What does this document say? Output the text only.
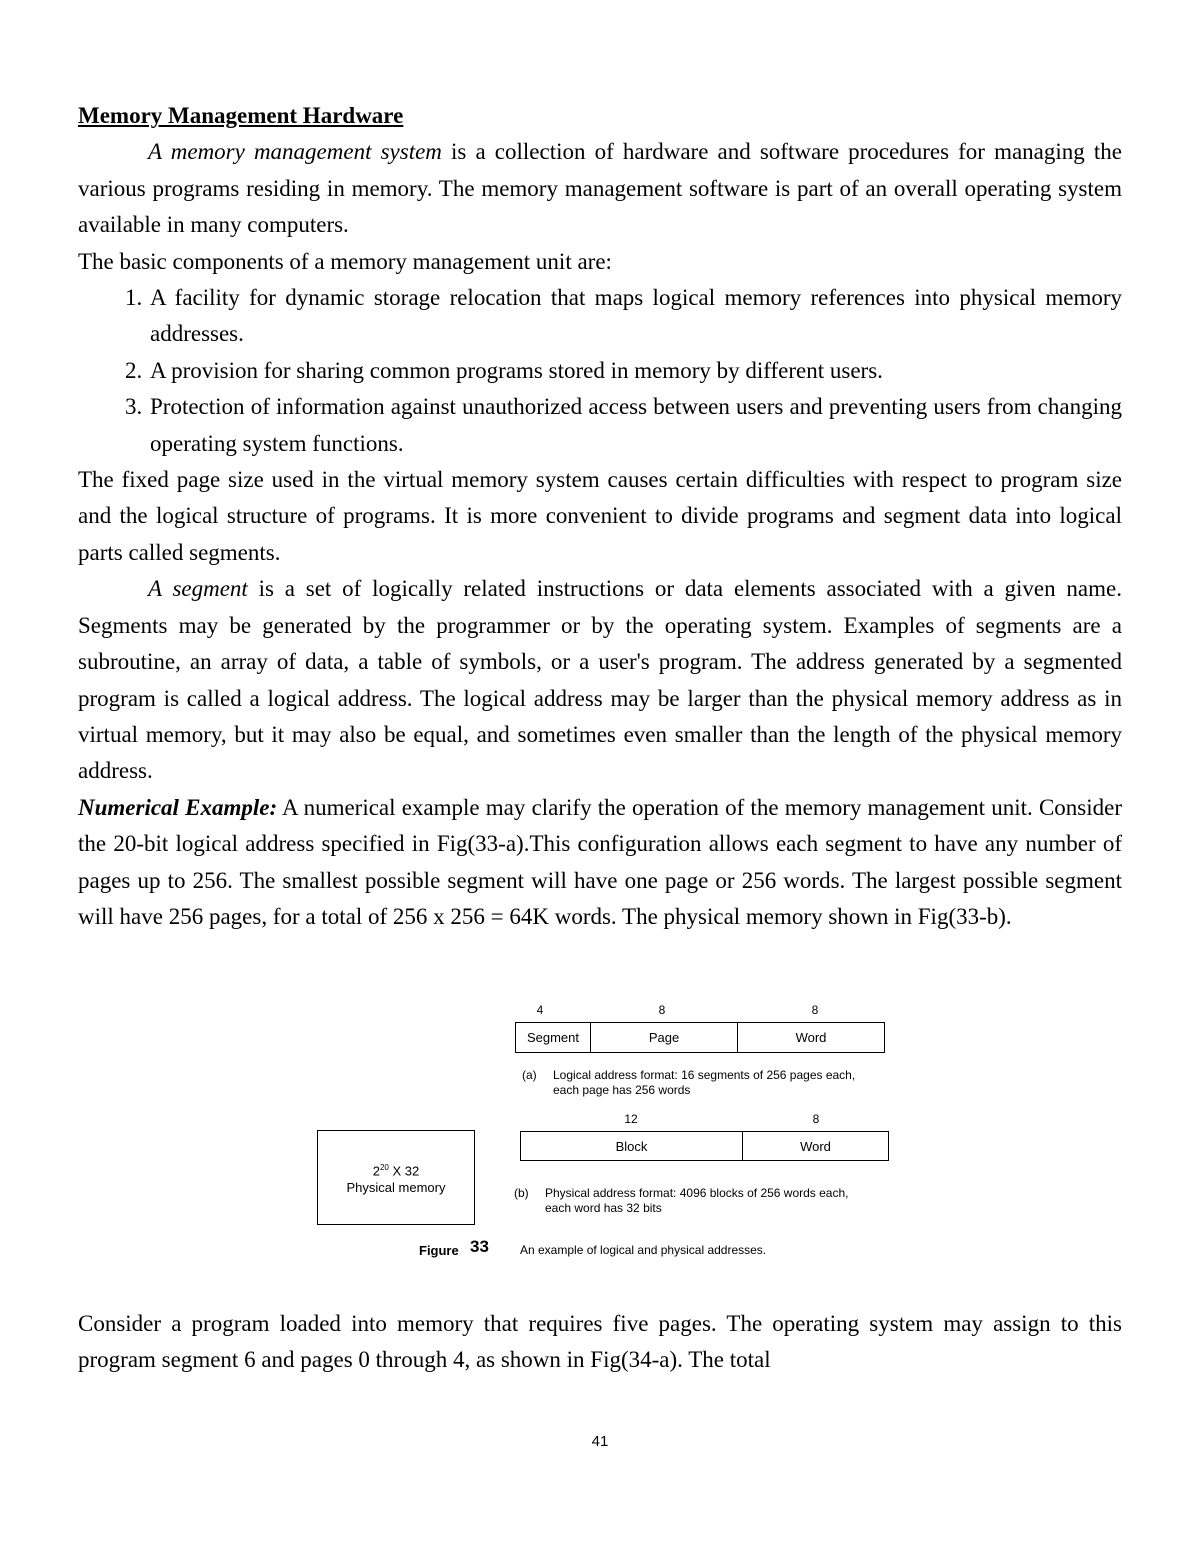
Memory Management Hardware

A memory management system is a collection of hardware and software procedures for managing the various programs residing in memory. The memory management software is part of an overall operating system available in many computers.

The basic components of a memory management unit are:

1. A facility for dynamic storage relocation that maps logical memory references into physical memory addresses.
2. A provision for sharing common programs stored in memory by different users.
3. Protection of information against unauthorized access between users and preventing users from changing operating system functions.

The fixed page size used in the virtual memory system causes certain difficulties with respect to program size and the logical structure of programs. It is more convenient to divide programs and segment data into logical parts called segments.

A segment is a set of logically related instructions or data elements associated with a given name. Segments may be generated by the programmer or by the operating system. Examples of segments are a subroutine, an array of data, a table of symbols, or a user's program. The address generated by a segmented program is called a logical address. The logical address may be larger than the physical memory address as in virtual memory, but it may also be equal, and sometimes even smaller than the length of the physical memory address.

Numerical Example: A numerical example may clarify the operation of the memory management unit. Consider the 20-bit logical address specified in Fig(33-a).This configuration allows each segment to have any number of pages up to 256. The smallest possible segment will have one page or 256 words. The largest possible segment will have 256 pages, for a total of 256 x 256 = 64K words. The physical memory shown in Fig(33-b).

4	8	8
Segment	Page	Word
(a) Logical address format: 16 segments of 256 pages each,
each page has 256 words
12	8
Block	Word
(b) Physical address format: 4096 blocks of 256 words each,
each word has 32 bits
$2^{20}$ X 32
Physical memory
Figure 33	An example of logical and physical addresses.

Consider a program loaded into memory that requires five pages. The operating system may assign to this program segment 6 and pages 0 through 4, as shown in Fig(34-a). The total

41
